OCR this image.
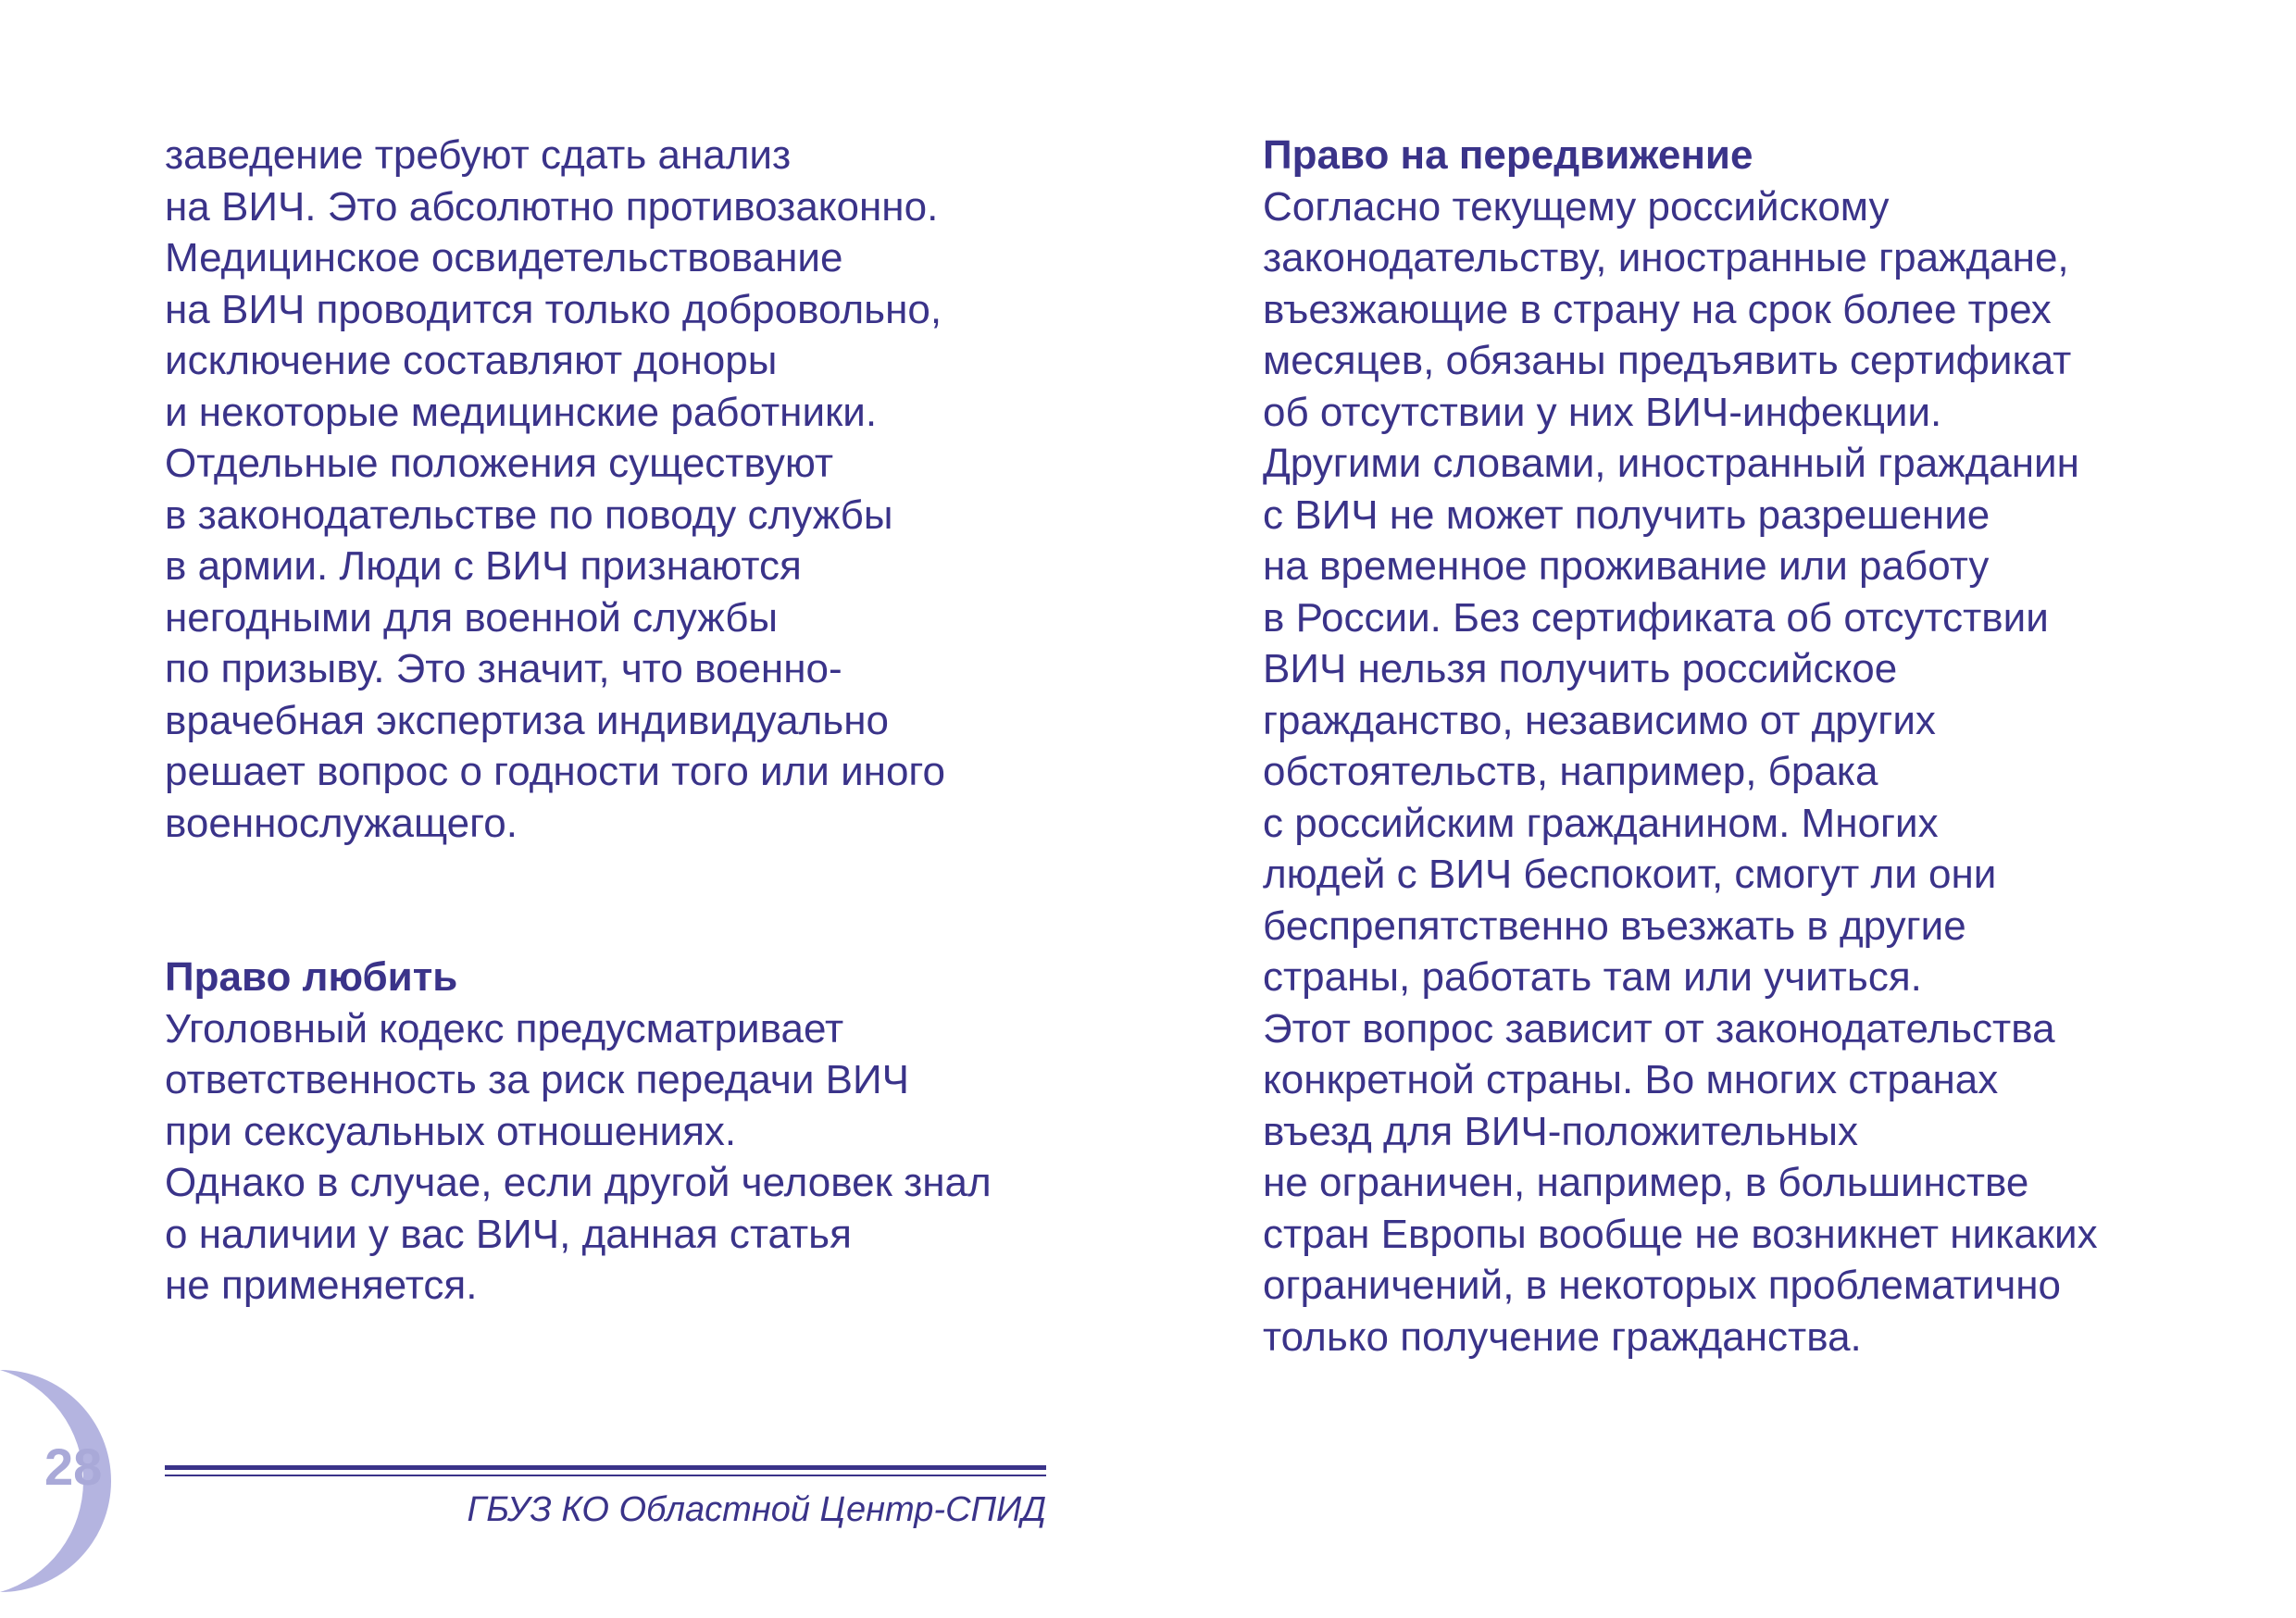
заведение требуют сдать анализ
на ВИЧ. Это абсолютно противозаконно.
Медицинское освидетельствование
на ВИЧ проводится только добровольно,
исключение составляют доноры
и некоторые медицинские работники.
Отдельные положения существуют
в законодательстве по поводу службы
в армии. Люди с ВИЧ признаются
негодными для военной службы
по призыву. Это значит, что военно-
врачебная экспертиза индивидуально
решает вопрос о годности того или иного
военнослужащего.
Право любить
Уголовный кодекс предусматривает
ответственность за риск передачи ВИЧ
при сексуальных отношениях.
Однако в случае, если другой человек знал
о наличии у вас ВИЧ, данная статья
не применяется.
Право на передвижение
Согласно текущему российскому
законодательству, иностранные граждане,
въезжающие в страну на срок более трех
месяцев, обязаны предъявить сертификат
об отсутствии у них ВИЧ-инфекции.
Другими словами, иностранный гражданин
с ВИЧ не может получить разрешение
на временное проживание или работу
в России. Без сертификата об отсутствии
ВИЧ нельзя получить российское
гражданство, независимо от других
обстоятельств, например, брака
с российским гражданином. Многих
людей с ВИЧ беспокоит, смогут ли они
беспрепятственно въезжать в другие
страны, работать там или учиться.
Этот вопрос зависит от законодательства
конкретной страны. Во многих странах
въезд для ВИЧ-положительных
не ограничен, например, в большинстве
стран Европы вообще не возникнет никаких
ограничений, в некоторых проблематично
только получение гражданства.
28
ГБУЗ КО Областной Центр-СПИД
